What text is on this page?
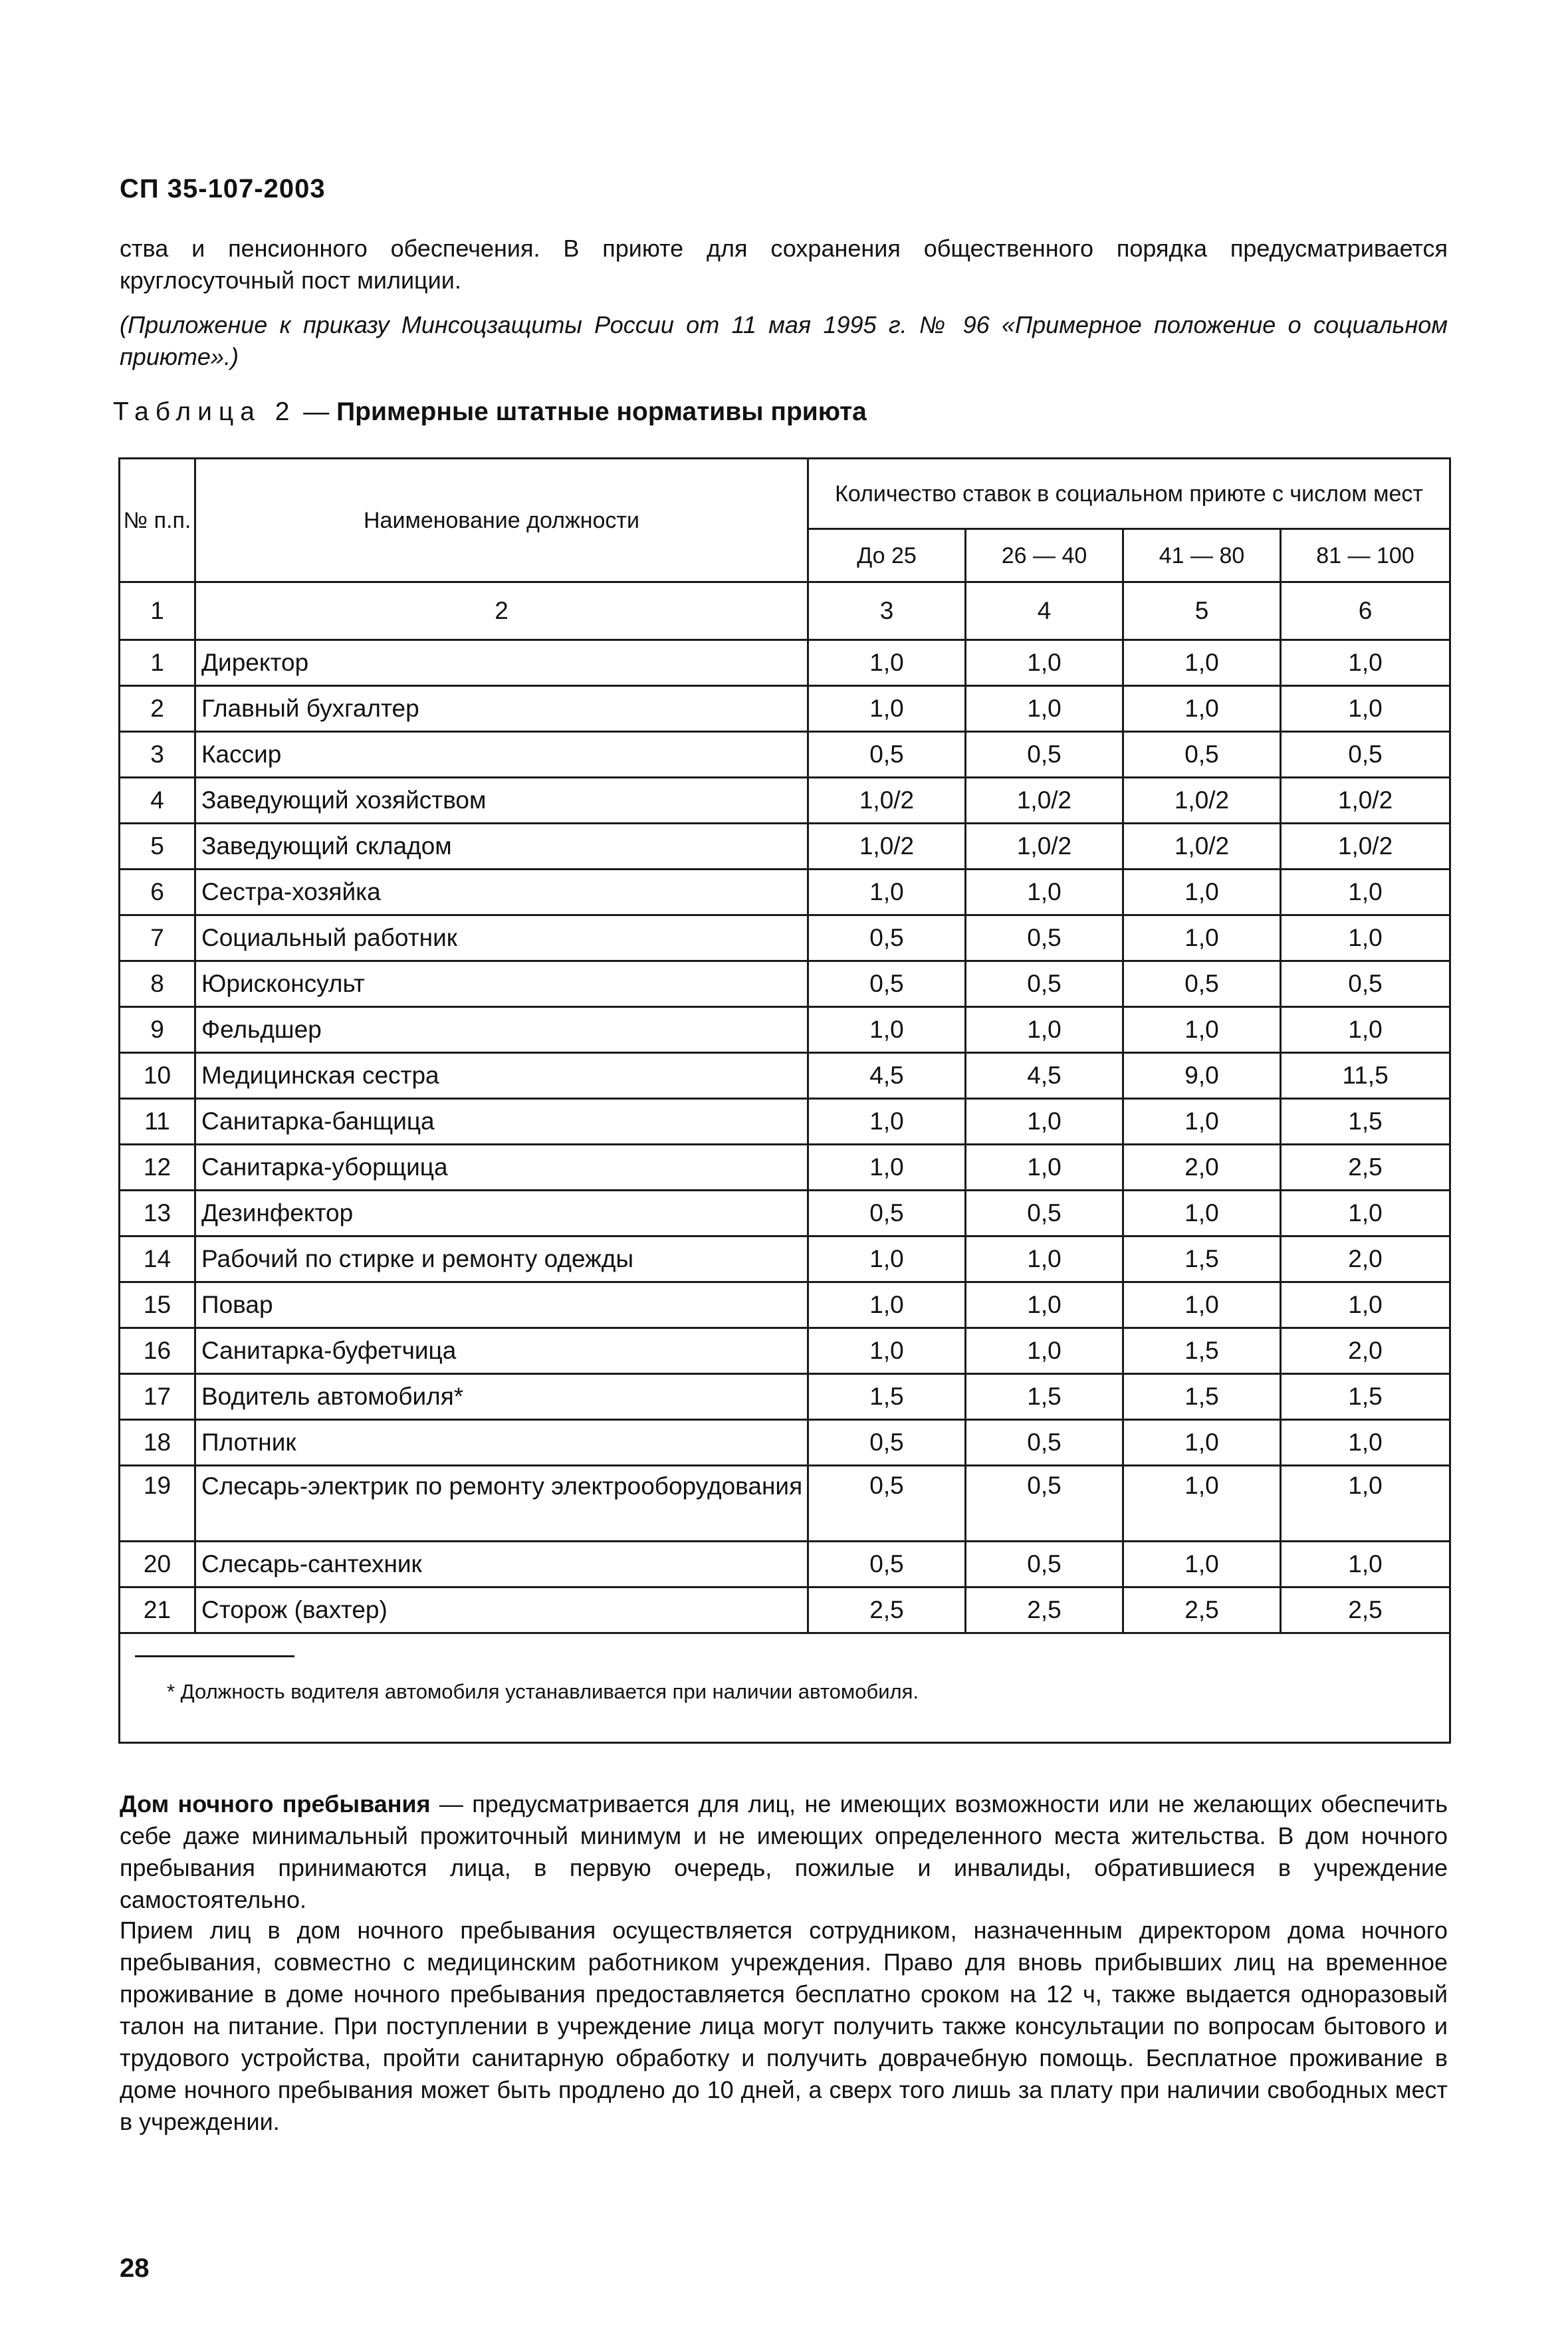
СП 35-107-2003
ства и пенсионного обеспечения. В приюте для сохранения общественного порядка предусматривается круглосуточный пост милиции.
(Приложение к приказу Минсоцзащиты России от 11 мая 1995 г. № 96 «Примерное положение о социальном приюте».)
Таблица 2 — Примерные штатные нормативы приюта
№ п.п.	Наименование должности	Количество ставок в социальном приюте с числом мест			
		До 25	26 — 40	41 — 80	81 — 100
1	2	3	4	5	6
1	Директор	1,0	1,0	1,0	1,0
2	Главный бухгалтер	1,0	1,0	1,0	1,0
3	Кассир	0,5	0,5	0,5	0,5
4	Заведующий хозяйством	1,0/2	1,0/2	1,0/2	1,0/2
5	Заведующий складом	1,0/2	1,0/2	1,0/2	1,0/2
6	Сестра-хозяйка	1,0	1,0	1,0	1,0
7	Социальный работник	0,5	0,5	1,0	1,0
8	Юрисконсульт	0,5	0,5	0,5	0,5
9	Фельдшер	1,0	1,0	1,0	1,0
10	Медицинская сестра	4,5	4,5	9,0	11,5
11	Санитарка-банщица	1,0	1,0	1,0	1,5
12	Санитарка-уборщица	1,0	1,0	2,0	2,5
13	Дезинфектор	0,5	0,5	1,0	1,0
14	Рабочий по стирке и ремонту одежды	1,0	1,0	1,5	2,0
15	Повар	1,0	1,0	1,0	1,0
16	Санитарка-буфетчица	1,0	1,0	1,5	2,0
17	Водитель автомобиля*	1,5	1,5	1,5	1,5
18	Плотник	0,5	0,5	1,0	1,0
19	Слесарь-электрик по ремонту электрооборудования	0,5	0,5	1,0	1,0
20	Слесарь-сантехник	0,5	0,5	1,0	1,0
21	Сторож (вахтер)	2,5	2,5	2,5	2,5

* Должность водителя автомобиля устанавливается при наличии автомобиля.					
Дом ночного пребывания — предусматривается для лиц, не имеющих возможности или не желающих обеспечить себе даже минимальный прожиточный минимум и не имеющих определенного места жительства. В дом ночного пребывания принимаются лица, в первую очередь, пожилые и инвалиды, обратившиеся в учреждение самостоятельно.
Прием лиц в дом ночного пребывания осуществляется сотрудником, назначенным директором дома ночного пребывания, совместно с медицинским работником учреждения. Право для вновь прибывших лиц на временное проживание в доме ночного пребывания предоставляется бесплатно сроком на 12 ч, также выдается одноразовый талон на питание. При поступлении в учреждение лица могут получить также консультации по вопросам бытового и трудового устройства, пройти санитарную обработку и получить доврачебную помощь. Бесплатное проживание в доме ночного пребывания может быть продлено до 10 дней, а сверх того лишь за плату при наличии свободных мест в учреждении.
28
